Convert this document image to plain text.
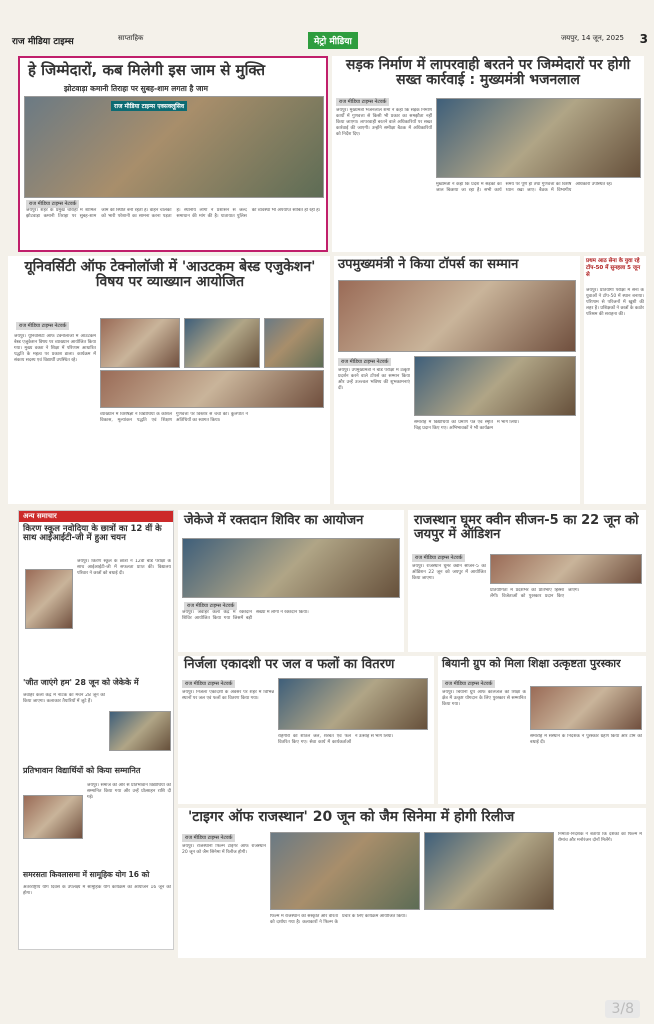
राज मीडिया टाइम्स	साप्ताहिक	मेट्रो मीडिया	जयपुर, 14 जून, 2025 3
हे जिम्मेदारों, कब मिलेगी इस जाम से मुक्ति
झोटवाड़ा कमानी तिराहा पर सुबह-शाम लगता है जाम
राज मीडिया टाइम्स एक्सक्लूसिव
राज मीडिया टाइम्स नेटवर्क
जयपुर। शहर के प्रमुख चौराहों में शामिल झोटवाड़ा कमानी तिराहा पर सुबह-शाम जाम की स्थिति बनी रहती है। वाहन चालकों को भारी परेशानी का सामना करना पड़ता है। स्थानीय लोगों ने प्रशासन से जल्द समाधान की मांग की है। यातायात पुलिस की व्यवस्था भी अपर्याप्त साबित हो रही है।
सड़क निर्माण में लापरवाही बरतने पर जिम्मेदारों पर होगी सख्त कार्रवाई : मुख्यमंत्री भजनलाल
राज मीडिया टाइम्स नेटवर्क
जयपुर। मुख्यमंत्री भजनलाल शर्मा ने कहा कि सड़क निर्माण कार्यों में गुणवत्ता से किसी भी प्रकार का समझौता नहीं किया जाएगा। लापरवाही बरतने वाले अधिकारियों पर सख्त कार्रवाई की जाएगी। उन्होंने समीक्षा बैठक में अधिकारियों को निर्देश दिए।
मुख्यमंत्री ने कहा कि प्रदेश में सड़कों का जाल बिछाया जा रहा है। सभी कार्य समय पर पूर्ण हों तथा गुणवत्ता का विशेष ध्यान रखा जाए। बैठक में विभागीय अधिकारी उपस्थित रहे।
यूनिवर्सिटी ऑफ टेक्नोलॉजी में 'आउटकम बेस्ड एजुकेशन' विषय पर व्याख्यान आयोजित
राज मीडिया टाइम्स नेटवर्क
जयपुर। यूनिवर्सिटी ऑफ टेक्नोलॉजी में आउटकम बेस्ड एजुकेशन विषय पर व्याख्यान आयोजित किया गया। मुख्य वक्ता ने शिक्षा में परिणाम आधारित पद्धति के महत्व पर प्रकाश डाला। कार्यक्रम में संकाय सदस्य एवं विद्यार्थी उपस्थित रहे।
व्याख्यान में विशेषज्ञों ने विद्यार्थियों के कौशल विकास, मूल्यांकन पद्धति एवं शिक्षण गुणवत्ता पर विस्तार से चर्चा की। कुलपति ने अतिथियों का स्वागत किया।
उपमुख्यमंत्री ने किया टॉपर्स का सम्मान
राज मीडिया टाइम्स नेटवर्क
जयपुर। उपमुख्यमंत्री ने बोर्ड परीक्षा में उत्कृष्ट प्रदर्शन करने वाले टॉपर्स का सम्मान किया और उन्हें उज्ज्वल भविष्य की शुभकामनाएं दीं।
समारोह में विद्यार्थियों को प्रमाण पत्र एवं स्मृति चिह्न प्रदान किए गए। अभिभावकों ने भी कार्यक्रम में भाग लिया।
प्रथम आठ सेना के युवा रहे टॉप-50 में सुनहला 5 जून से
जयपुर। प्रतियोगी परीक्षा में सेना के युवाओं ने टॉप-50 में स्थान बनाया। परिणाम से परिजनों में खुशी की लहर है। प्रशिक्षकों ने छात्रों के कठोर परिश्रम की सराहना की।
अन्य समाचार
किरण स्कूल नवोदिया के छात्रों का 12 वीं के साथ आईआईटी-जी में हुआ चयन
जयपुर। किरण स्कूल के छात्रों ने 12वीं बोर्ड परीक्षा के साथ आईआईटी-जी में सफलता प्राप्त की। विद्यालय परिवार ने छात्रों को बधाई दी।
'जीत जाएंगे हम' 28 जून को जेकेके में
जवाहर कला केंद्र में नाटक का मंचन 28 जून को किया जाएगा। कलाकार तैयारियों में जुटे हैं।
प्रतिभावान विद्यार्थियों को किया सम्मानित
जयपुर। समाज की ओर से प्रतिभावान विद्यार्थियों को सम्मानित किया गया और उन्हें प्रोत्साहन राशि दी गई।
समरसता किवलासमा में सामूहिक योग 16 को
अंतरराष्ट्रीय योग दिवस के उपलक्ष्य में सामूहिक योग कार्यक्रम का आयोजन 16 जून को होगा।
जेकेजे में रक्तदान शिविर का आयोजन
राज मीडिया टाइम्स नेटवर्क
जयपुर। जवाहर कला केंद्र में रक्तदान शिविर आयोजित किया गया जिसमें बड़ी संख्या में लोगों ने रक्तदान किया।
राजस्थान घूमर क्वीन सीजन-5 का 22 जून को जयपुर में ऑडिशन
राज मीडिया टाइम्स नेटवर्क
जयपुर। राजस्थान घूमर क्वीन सीजन-5 का ऑडिशन 22 जून को जयपुर में आयोजित किया जाएगा।
प्रतियोगिता में प्रदेशभर की प्रतिभाएं हिस्सा लेंगी। विजेताओं को पुरस्कार प्रदान किए जाएंगे।
निर्जला एकादशी पर जल व फलों का वितरण
राज मीडिया टाइम्स नेटवर्क
जयपुर। निर्जला एकादशी के अवसर पर शहर में विभिन्न स्थानों पर जल एवं फलों का वितरण किया गया।
राहगीरों को शीतल जल, शरबत एवं फल वितरित किए गए। सेवा कार्य में कार्यकर्ताओं ने उत्साह से भाग लिया।
बियानी ग्रुप को मिला शिक्षा उत्कृष्टता पुरस्कार
राज मीडिया टाइम्स नेटवर्क
जयपुर। बियानी ग्रुप ऑफ कॉलेजेज को शिक्षा के क्षेत्र में उत्कृष्ट योगदान के लिए पुरस्कार से सम्मानित किया गया।
समारोह में संस्थान के निदेशक ने पुरस्कार ग्रहण किया और टीम को बधाई दी।
'टाइगर ऑफ राजस्थान' 20 जून को जैम सिनेमा में होगी रिलीज
राज मीडिया टाइम्स नेटवर्क
जयपुर। राजस्थानी फिल्म टाइगर ऑफ राजस्थान 20 जून को जैम सिनेमा में रिलीज होगी।
फिल्म में राजस्थान की संस्कृति और वीरता को दर्शाया गया है। कलाकारों ने फिल्म के प्रचार के लिए कार्यक्रम आयोजित किया।
निर्माता-निर्देशक ने बताया कि दर्शकों को फिल्म में रोमांच और मनोरंजन दोनों मिलेंगे।
3/8
